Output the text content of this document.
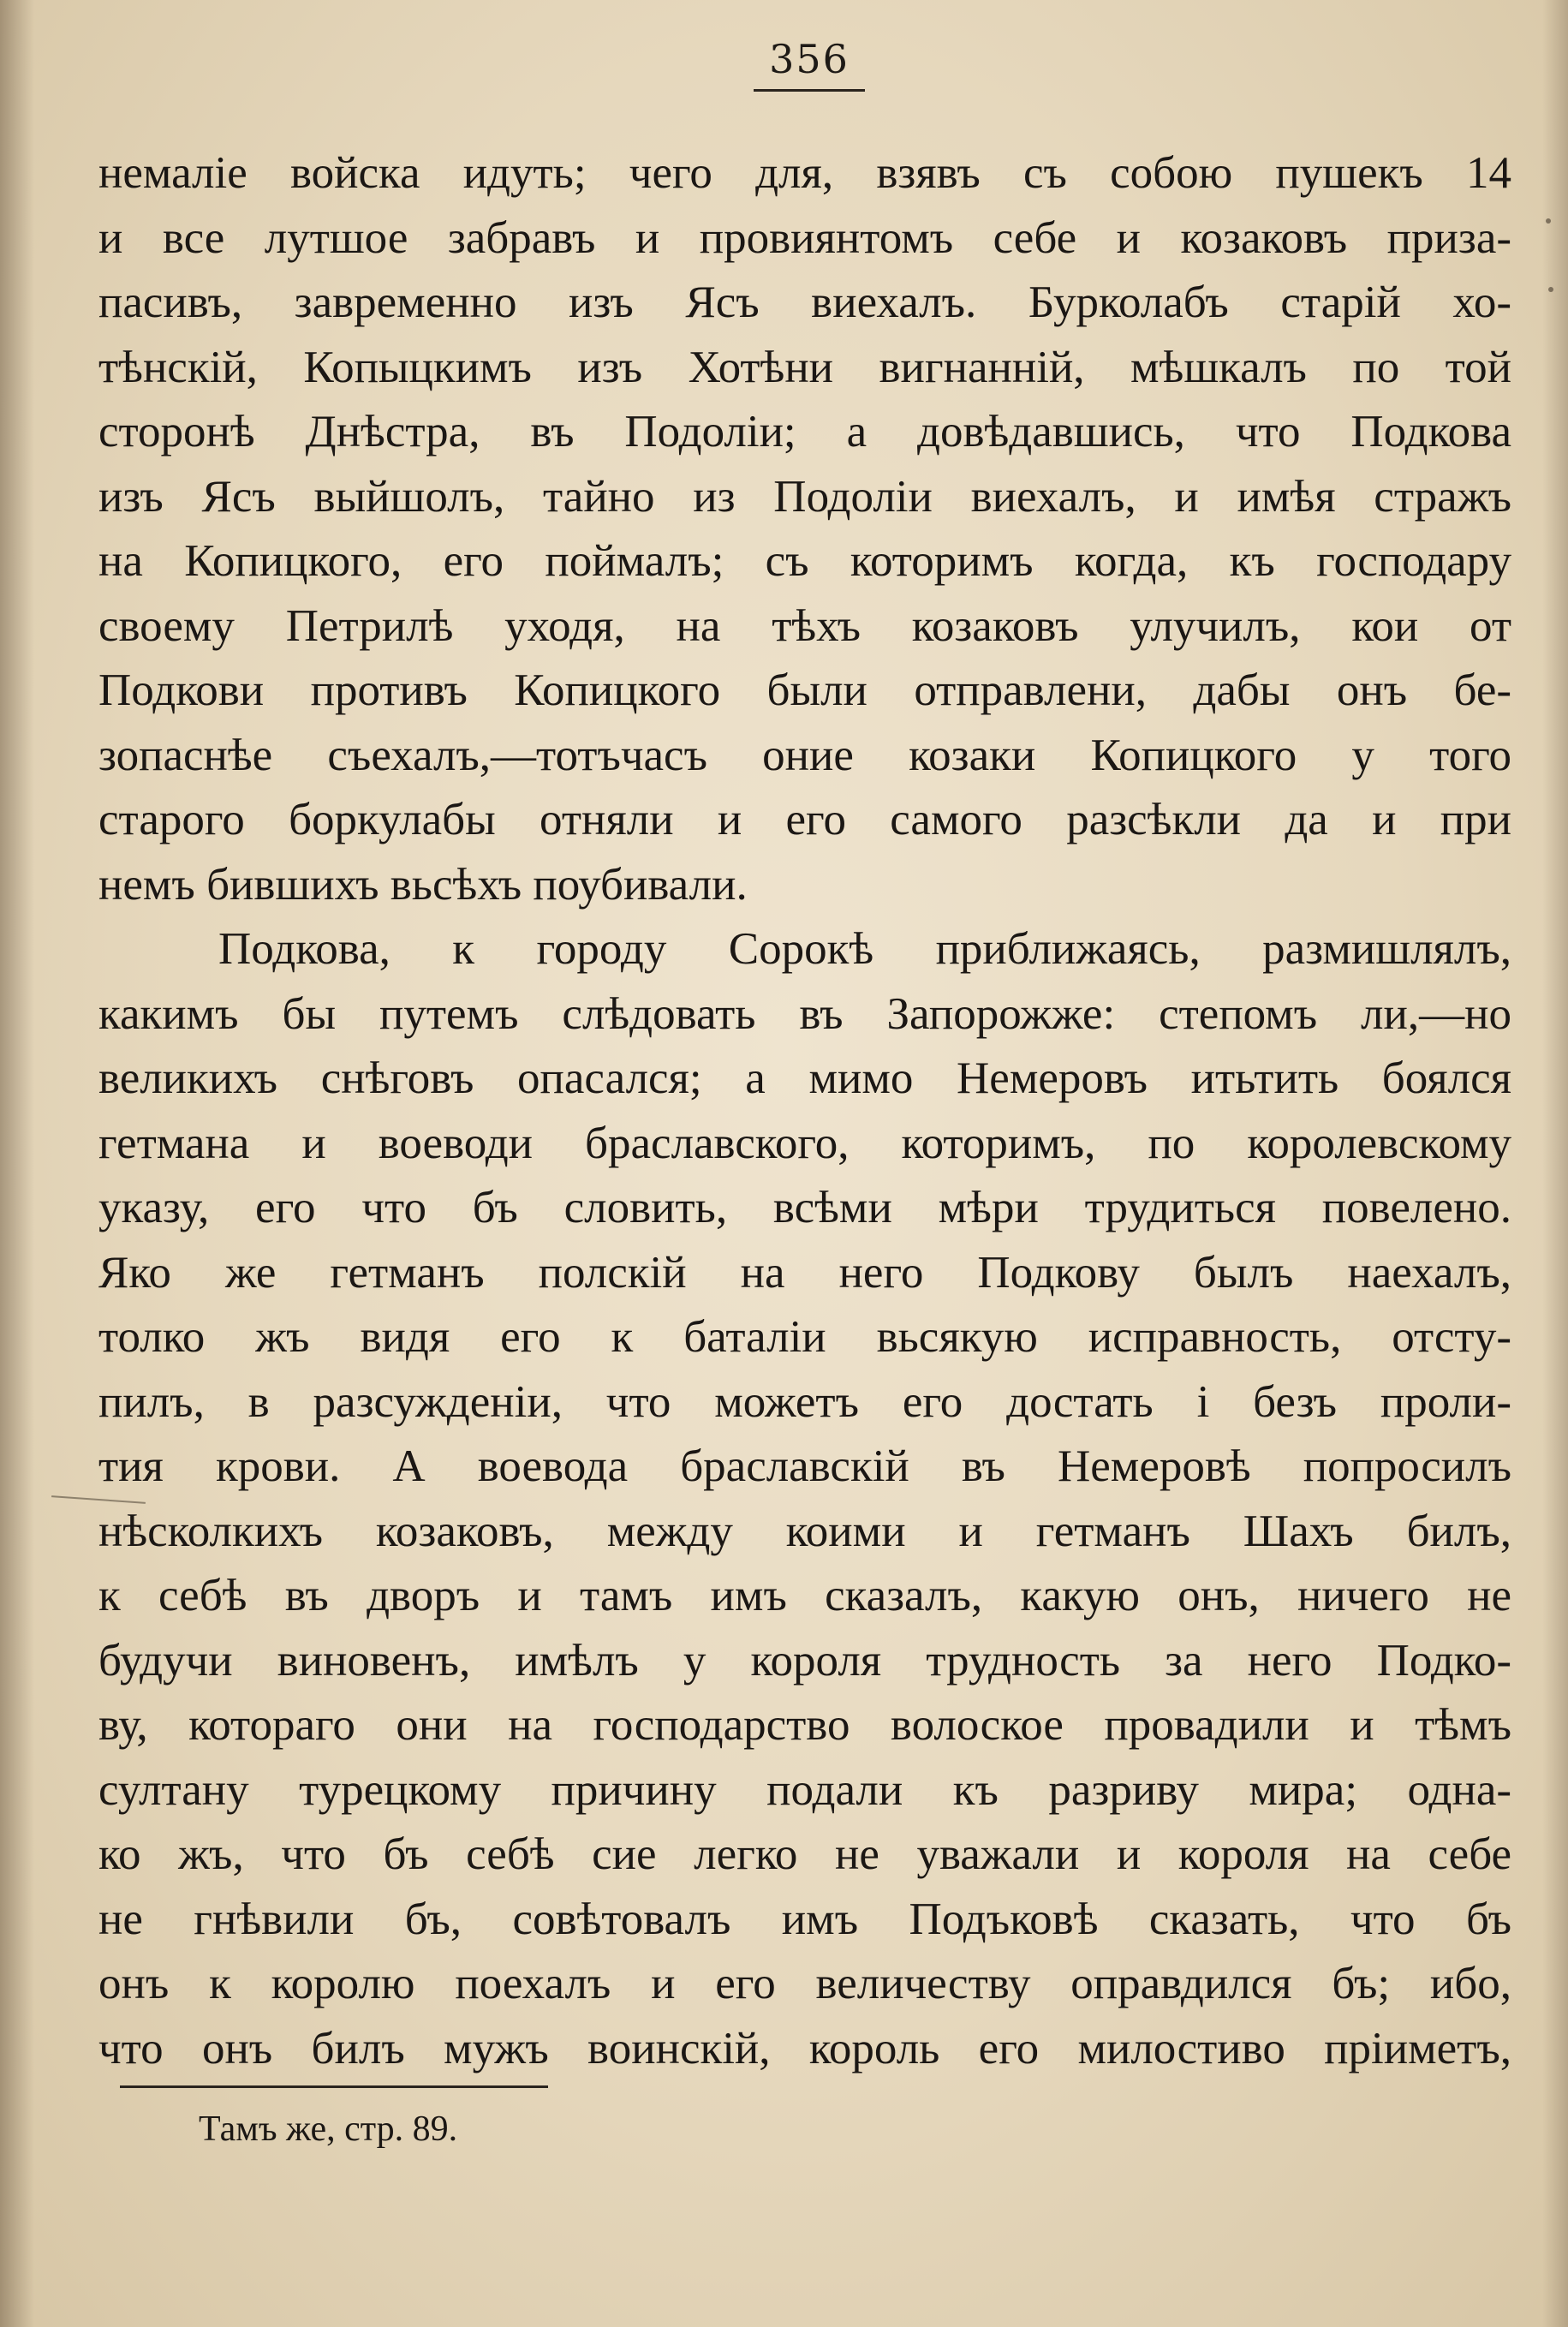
356
немаліе войска идуть; чего для, взявъ съ собою пушекъ 14
и все лутшое забравъ и провиянтомъ себе и козаковъ приза-
пасивъ, завременно изъ Ясъ виехалъ. Бурколабъ старій хо-
тѣнскій, Копыцкимъ изъ Хотѣни вигнанній, мѣшкалъ по той
сторонѣ Днѣстра, въ Подоліи; а довѣдавшись, что Подкова
изъ Ясъ выйшолъ, тайно из Подоліи виехалъ, и имѣя стражъ
на Копицкого, его поймалъ; съ которимъ когда, къ господару
своему Петрилѣ уходя, на тѣхъ козаковъ улучилъ, кои от
Подкови противъ Копицкого были отправлени, дабы онъ бе-
зопаснѣе съехалъ,—тотъчасъ оние козаки Копицкого у того
старого боркулабы отняли и его самого разсѣкли да и при
немъ бившихъ вьсѣхъ поубивали.
Подкова, к городу Сорокѣ приближаясь, размишлялъ,
какимъ бы путемъ слѣдовать въ Запорожже: степомъ ли,—но
великихъ снѣговъ опасался; а мимо Немеровъ итьтить боялся
гетмана и воеводи браславского, которимъ, по королевскому
указу, его что бъ словить, всѣми мѣри трудиться повелено.
Яко же гетманъ полскій на него Подкову былъ наехалъ,
толко жъ видя его к баталіи вьсякую исправность, отсту-
пилъ, в разсужденіи, что можетъ его достать і безъ проли-
тия крови. А воевода браславскій въ Немеровѣ попросилъ
нѣсколкихъ козаковъ, между коими и гетманъ Шахъ билъ,
к себѣ въ дворъ и тамъ имъ сказалъ, какую онъ, ничего не
будучи виновенъ, имѣлъ у короля трудность за него Подко-
ву, котораго они на господарство волоское провадили и тѣмъ
султану турецкому причину подали къ разриву мира; одна-
ко жъ, что бъ себѣ сие легко не уважали и короля на себе
не гнѣвили бъ, совѣтовалъ имъ Подъковѣ сказать, что бъ
онъ к королю поехалъ и его величеству оправдился бъ; ибо,
что онъ билъ мужъ воинскій, король его милостиво пріиметъ,
Тамъ же, стр. 89.
